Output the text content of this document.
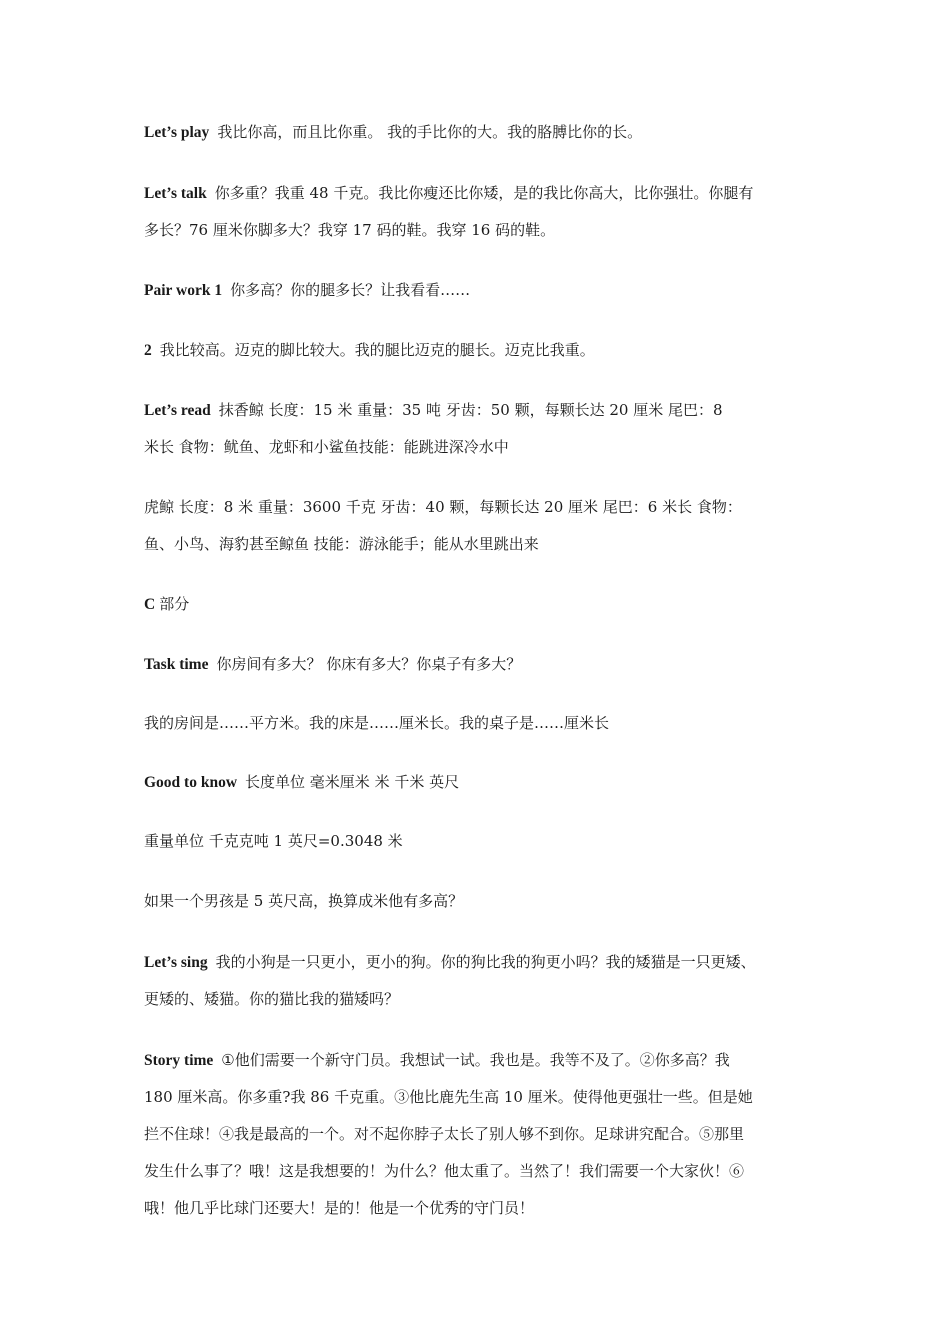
Let’s play 我比你高，而且比你重。 我的手比你的大。我的胳膊比你的长。

Let’s talk 你多重？我重 48 千克。我比你瘦还比你矮，是的我比你高大，比你强壮。你腿有
多长？76 厘米你脚多大？我穿 17 码的鞋。我穿 16 码的鞋。

Pair work 1 你多高？你的腿多长？让我看看……

2 我比较高。迈克的脚比较大。我的腿比迈克的腿长。迈克比我重。

Let’s read 抹香鲸 长度：15 米 重量：35 吨 牙齿：50 颗，每颗长达 20 厘米 尾巴：8
米长 食物：鱿鱼、龙虾和小鲨鱼技能：能跳进深冷水中

虎鲸 长度：8 米 重量：3600 千克 牙齿：40 颗，每颗长达 20 厘米 尾巴：6 米长 食物：
鱼、小鸟、海豹甚至鲸鱼 技能：游泳能手；能从水里跳出来

C 部分

Task time 你房间有多大？ 你床有多大？你桌子有多大？

我的房间是……平方米。我的床是……厘米长。我的桌子是……厘米长

Good to know 长度单位 毫米厘米 米 千米 英尺

重量单位 千克克吨 1 英尺=0.3048 米

如果一个男孩是 5 英尺高，换算成米他有多高？

Let’s sing 我的小狗是一只更小，更小的狗。你的狗比我的狗更小吗？我的矮猫是一只更矮、
更矮的、矮猫。你的猫比我的猫矮吗？

Story time ①他们需要一个新守门员。我想试一试。我也是。我等不及了。②你多高？我
180 厘米高。你多重?我 86 千克重。③他比鹿先生高 10 厘米。使得他更强壮一些。但是她
拦不住球！④我是最高的一个。对不起你脖子太长了别人够不到你。足球讲究配合。⑤那里
发生什么事了？哦！这是我想要的！为什么？他太重了。当然了！我们需要一个大家伙！⑥
哦！他几乎比球门还要大！是的！他是一个优秀的守门员！
